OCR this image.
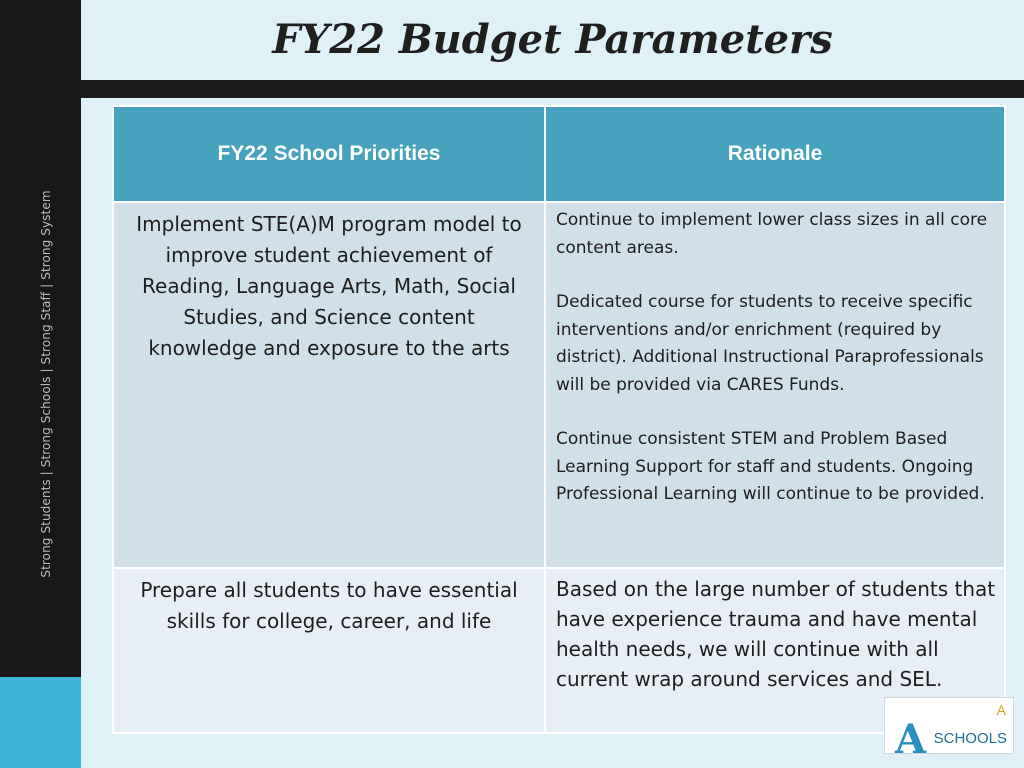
Strong Students | Strong Schools | Strong Staff | Strong System
FY22 Budget Parameters
FY22 School Priorities	Rationale
Implement STE(A)M program model to improve student achievement of Reading, Language Arts, Math, Social Studies, and Science content knowledge and exposure to the arts	Continue to implement lower class sizes in all core content areas.

Dedicated course for students to receive specific interventions and/or enrichment (required by district). Additional Instructional Paraprofessionals will be provided via CARES Funds.

Continue consistent STEM and Problem Based Learning Support for staff and students. Ongoing Professional Learning will continue to be provided.

Prepare all students to have essential skills for college, career, and life	Based on the large number of students that have experience trauma and have mental health needs, we will continue with all current wrap around services and SEL.

A
A
SCHOOLS
